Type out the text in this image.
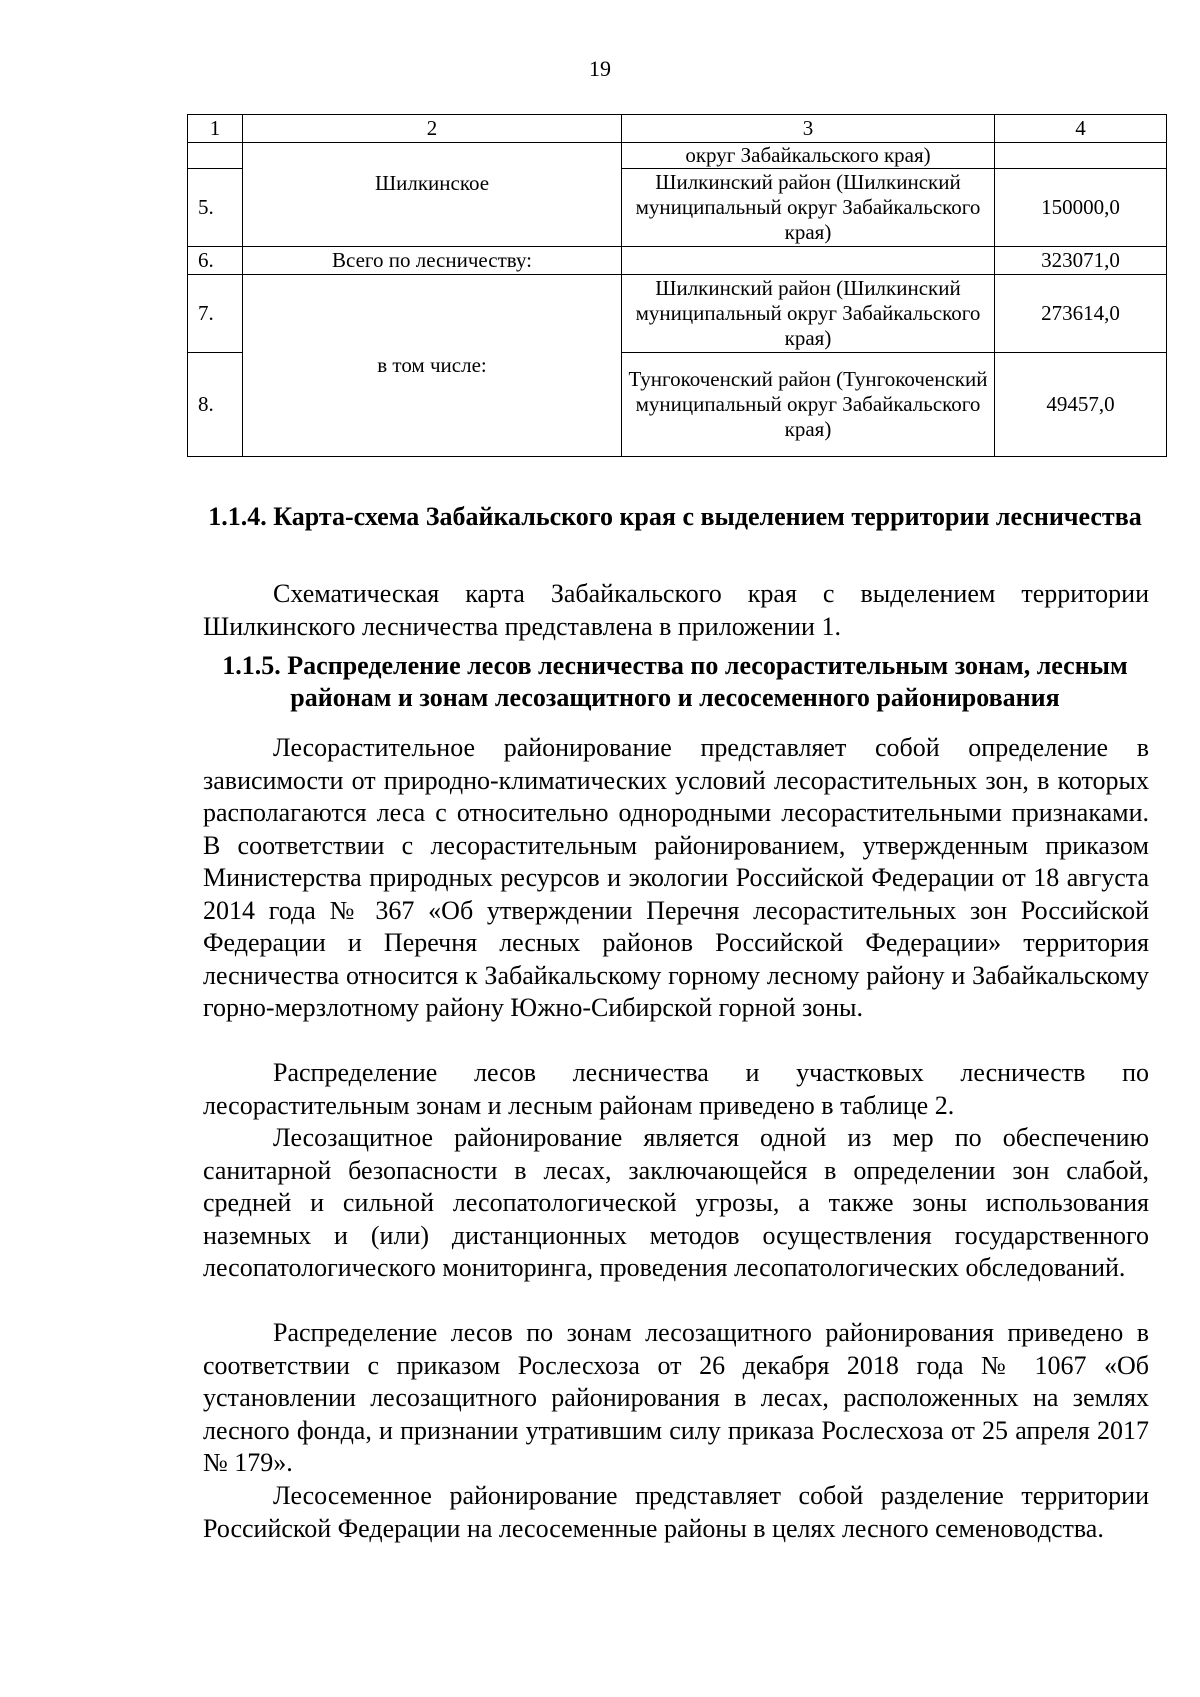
19
1	2	3	4
	Шилкинское	округ Забайкальского края)	
5.		Шилкинский район (Шилкинский муниципальный округ Забайкальского края)	150000,0
6.	Всего по лесничеству:		323071,0
7.	в том числе:	Шилкинский район (Шилкинский муниципальный округ Забайкальского края)	273614,0
8.		Тунгокоченский район (Тунгокоченский муниципальный округ Забайкальского края)	49457,0
1.1.4. Карта-схема Забайкальского края с выделением территории лесничества

Схематическая карта Забайкальского края с выделением территории Шилкинского лесничества представлена в приложении 1.

1.1.5. Распределение лесов лесничества по лесорастительным зонам, лесным районам и зонам лесозащитного и лесосеменного районирования

Лесорастительное районирование представляет собой определение в зависимости от природно-климатических условий лесорастительных зон, в которых располагаются леса с относительно однородными лесорастительными признаками. В соответствии с лесорастительным районированием, утвержденным приказом Министерства природных ресурсов и экологии Российской Федерации от 18 августа 2014 года № 367 «Об утверждении Перечня лесорастительных зон Российской Федерации и Перечня лесных районов Российской Федерации» территория лесничества относится к Забайкальскому горному лесному району и Забайкальскому горно-мерзлотному району Южно-Сибирской горной зоны.

Распределение лесов лесничества и участковых лесничеств по лесорастительным зонам и лесным районам приведено в таблице 2.

Лесозащитное районирование является одной из мер по обеспечению санитарной безопасности в лесах, заключающейся в определении зон слабой, средней и сильной лесопатологической угрозы, а также зоны использования наземных и (или) дистанционных методов осуществления государственного лесопатологического мониторинга, проведения лесопатологических обследований.

Распределение лесов по зонам лесозащитного районирования приведено в соответствии с приказом Рослесхоза от 26 декабря 2018 года № 1067 «Об установлении лесозащитного районирования в лесах, расположенных на землях лесного фонда, и признании утратившим силу приказа Рослесхоза от 25 апреля 2017 № 179».

Лесосеменное районирование представляет собой разделение территории Российской Федерации на лесосеменные районы в целях лесного семеноводства.
